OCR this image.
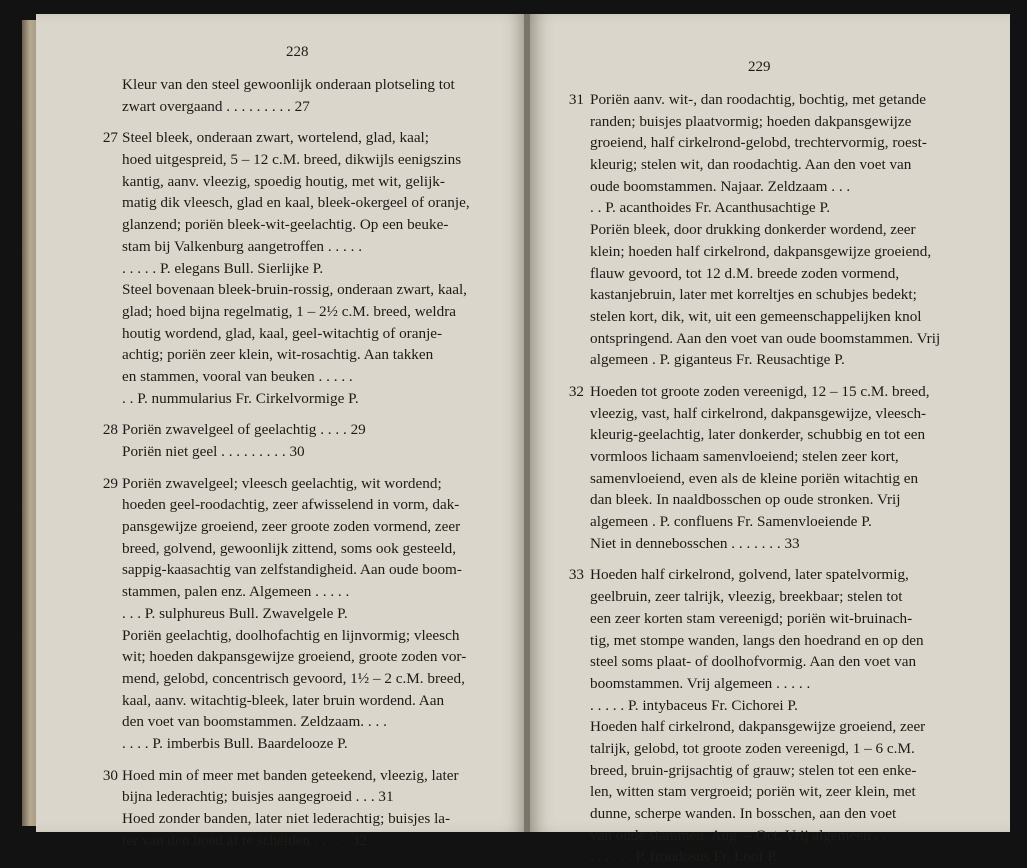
228
Kleur van den steel gewoonlijk onderaan plotseling tot
zwart overgaand . . . . . . . . . 27
27 Steel bleek, onderaan zwart, wortelend, glad, kaal;
hoed uitgespreid, 5 – 12 c.M. breed, dikwijls eenigszins
kantig, aanv. vleezig, spoedig houtig, met wit, gelijk-
matig dik vleesch, glad en kaal, bleek-okergeel of oranje,
glanzend; poriën bleek-wit-geelachtig. Op een beuke-
stam bij Valkenburg aangetroffen . . . . .
. . . . . P. elegans Bull. Sierlijke P.
Steel bovenaan bleek-bruin-rossig, onderaan zwart, kaal,
glad; hoed bijna regelmatig, 1 – 2½ c.M. breed, weldra
houtig wordend, glad, kaal, geel-witachtig of oranje-
achtig; poriën zeer klein, wit-rosachtig. Aan takken
en stammen, vooral van beuken . . . . .
. . P. nummularius Fr. Cirkelvormige P.
28 Poriën zwavelgeel of geelachtig . . . . 29
Poriën niet geel . . . . . . . . . 30
29 Poriën zwavelgeel; vleesch geelachtig, wit wordend;
hoeden geel-roodachtig, zeer afwisselend in vorm, dak-
pansgewijze groeiend, zeer groote zoden vormend, zeer
breed, golvend, gewoonlijk zittend, soms ook gesteeld,
sappig-kaasachtig van zelfstandigheid. Aan oude boom-
stammen, palen enz. Algemeen . . . . .
. . . P. sulphureus Bull. Zwavelgele P.
Poriën geelachtig, doolhofachtig en lijnvormig; vleesch
wit; hoeden dakpansgewijze groeiend, groote zoden vor-
mend, gelobd, concentrisch gevoord, 1½ – 2 c.M. breed,
kaal, aanv. witachtig-bleek, later bruin wordend. Aan
den voet van boomstammen. Zeldzaam. . . .
. . . . P. imberbis Bull. Baardelooze P.
30 Hoed min of meer met banden geteekend, vleezig, later
bijna lederachtig; buisjes aangegroeid . . . 31
Hoed zonder banden, later niet lederachtig; buisjes la-
ter van den hoed af te scheiden . . . . . 32
229
31 Poriën aanv. wit-, dan roodachtig, bochtig, met getande
randen; buisjes plaatvormig; hoeden dakpansgewijze
groeiend, half cirkelrond-gelobd, trechtervormig, roest-
kleurig; stelen wit, dan roodachtig. Aan den voet van
oude boomstammen. Najaar. Zeldzaam . . .
. . P. acanthoides Fr. Acanthusachtige P.
Poriën bleek, door drukking donkerder wordend, zeer
klein; hoeden half cirkelrond, dakpansgewijze groeiend,
flauw gevoord, tot 12 d.M. breede zoden vormend,
kastanjebruin, later met korreltjes en schubjes bedekt;
stelen kort, dik, wit, uit een gemeenschappelijken knol
ontspringend. Aan den voet van oude boomstammen. Vrij
algemeen . P. giganteus Fr. Reusachtige P.
32 Hoeden tot groote zoden vereenigd, 12 – 15 c.M. breed,
vleezig, vast, half cirkelrond, dakpansgewijze, vleesch-
kleurig-geelachtig, later donkerder, schubbig en tot een
vormloos lichaam samenvloeiend; stelen zeer kort,
samenvloeiend, even als de kleine poriën witachtig en
dan bleek. In naaldbosschen op oude stronken. Vrij
algemeen . P. confluens Fr. Samenvloeiende P.
Niet in dennebosschen . . . . . . . 33
33 Hoeden half cirkelrond, golvend, later spatelvormig,
geelbruin, zeer talrijk, vleezig, breekbaar; stelen tot
een zeer korten stam vereenigd; poriën wit-bruinach-
tig, met stompe wanden, langs den hoedrand en op den
steel soms plaat- of doolhofvormig. Aan den voet van
boomstammen. Vrij algemeen . . . . .
. . . . . P. intybaceus Fr. Cichorei P.
Hoeden half cirkelrond, dakpansgewijze groeiend, zeer
talrijk, gelobd, tot groote zoden vereenigd, 1 – 6 c.M.
breed, bruin-grijsachtig of grauw; stelen tot een enke-
len, witten stam vergroeid; poriën wit, zeer klein, met
dunne, scherpe wanden. In bosschen, aan den voet
van oude stammen. Aug. – Oct. Vrij algemeen . .
. . . . . . P. frondosus Fr. Loof P.
